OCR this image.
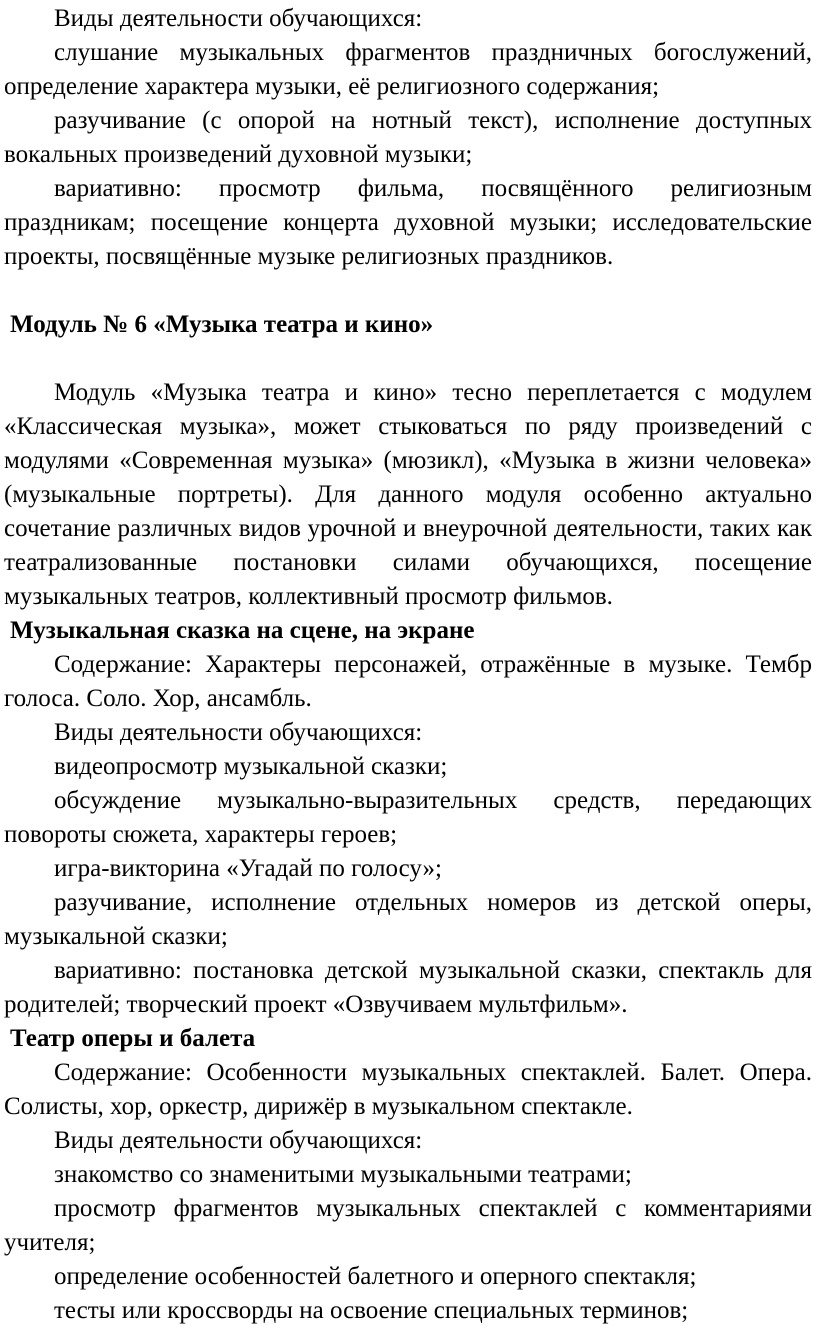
Виды деятельности обучающихся:

слушание музыкальных фрагментов праздничных богослужений, определение характера музыки, её религиозного содержания;

разучивание (с опорой на нотный текст), исполнение доступных вокальных произведений духовной музыки;

вариативно: просмотр фильма, посвящённого религиозным праздникам; посещение концерта духовной музыки; исследовательские проекты, посвящённые музыке религиозных праздников.

Модуль № 6 «Музыка театра и кино»

Модуль «Музыка театра и кино» тесно переплетается с модулем «Классическая музыка», может стыковаться по ряду произведений с модулями «Современная музыка» (мюзикл), «Музыка в жизни человека» (музыкальные портреты). Для данного модуля особенно актуально сочетание различных видов урочной и внеурочной деятельности, таких как театрализованные постановки силами обучающихся, посещение музыкальных театров, коллективный просмотр фильмов.

Музыкальная сказка на сцене, на экране

Содержание: Характеры персонажей, отражённые в музыке. Тембр голоса. Соло. Хор, ансамбль.

Виды деятельности обучающихся:

видеопросмотр музыкальной сказки;

обсуждение музыкально-выразительных средств, передающих повороты сюжета, характеры героев;

игра-викторина «Угадай по голосу»;

разучивание, исполнение отдельных номеров из детской оперы, музыкальной сказки;

вариативно: постановка детской музыкальной сказки, спектакль для родителей; творческий проект «Озвучиваем мультфильм».

Театр оперы и балета

Содержание: Особенности музыкальных спектаклей. Балет. Опера. Солисты, хор, оркестр, дирижёр в музыкальном спектакле.

Виды деятельности обучающихся:

знакомство со знаменитыми музыкальными театрами;

просмотр фрагментов музыкальных спектаклей с комментариями учителя;

определение особенностей балетного и оперного спектакля;

тесты или кроссворды на освоение специальных терминов;
